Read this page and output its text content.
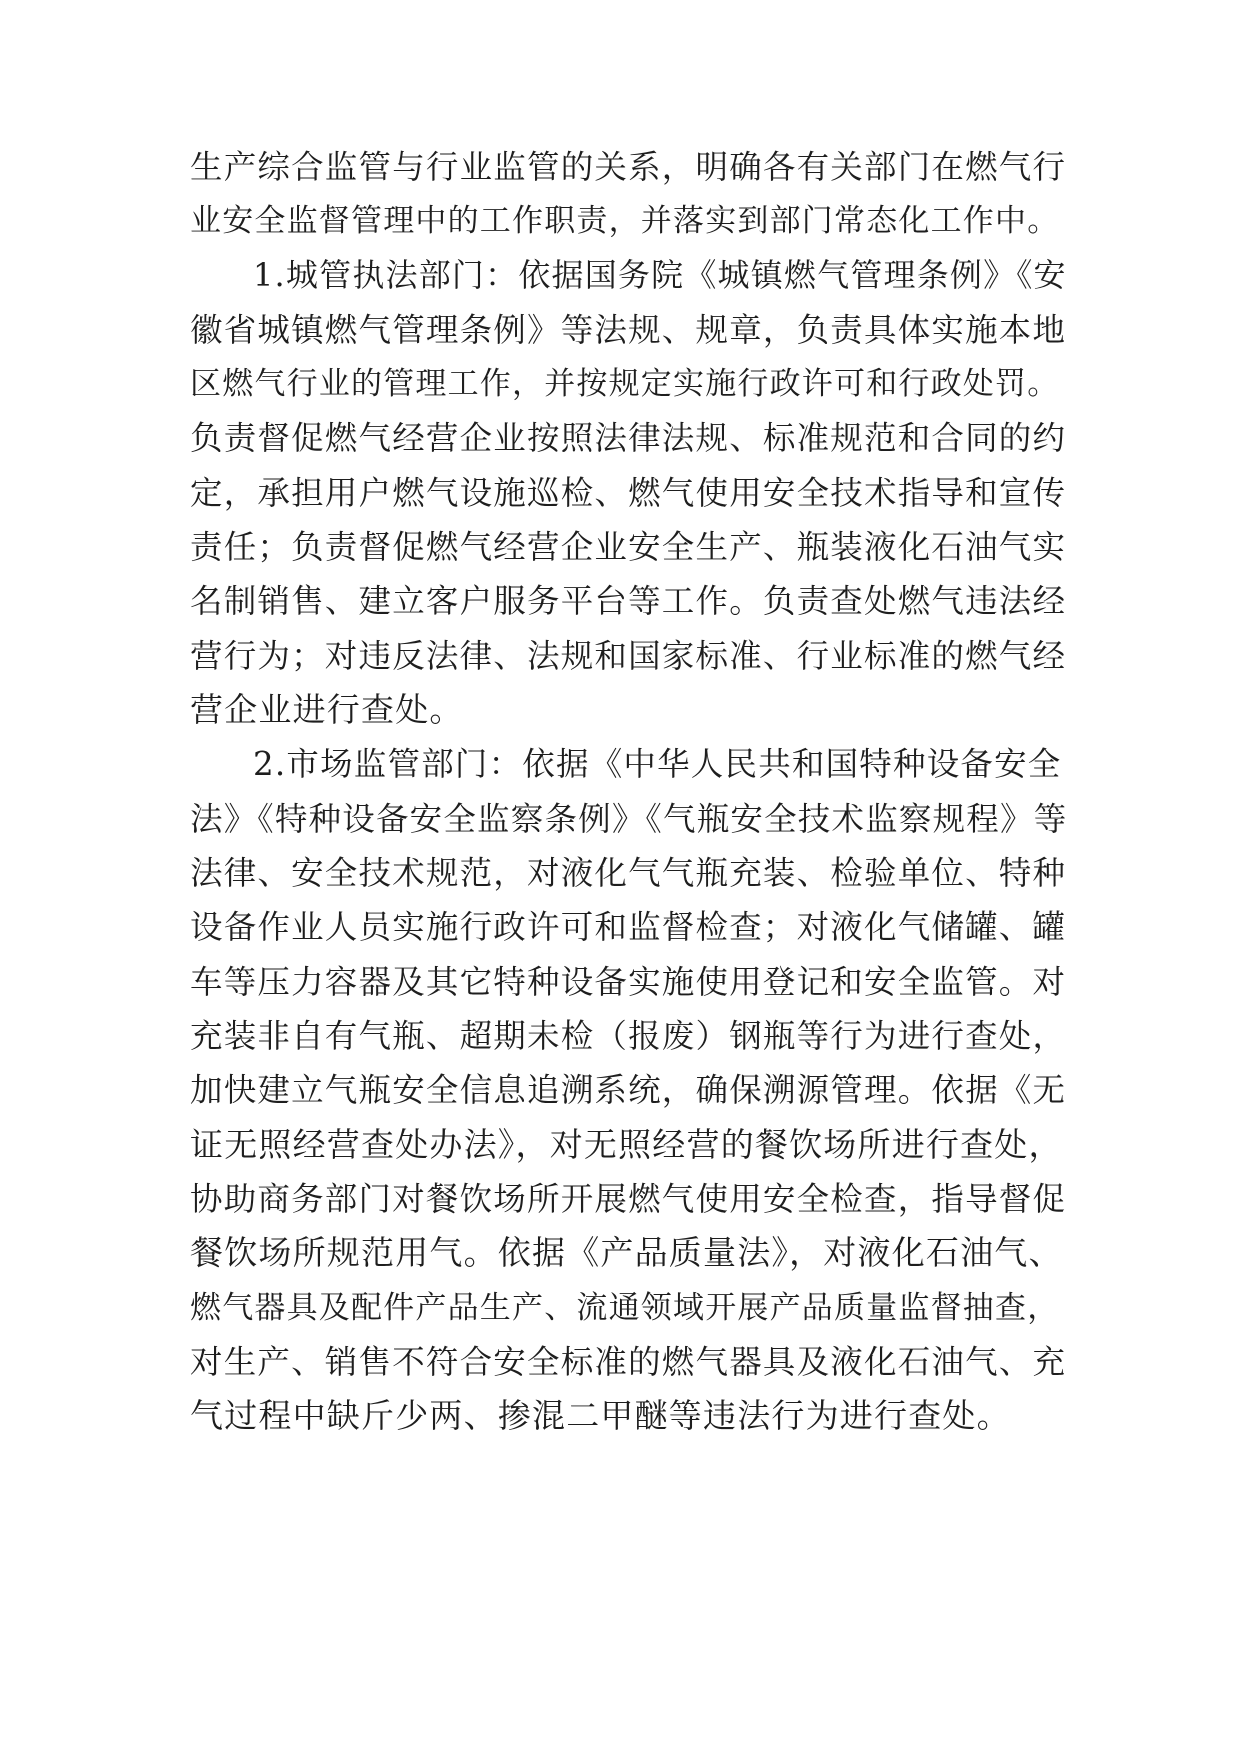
生产综合监管与行业监管的关系，明确各有关部门在燃气行
业安全监督管理中的工作职责，并落实到部门常态化工作中。
1.城管执法部门：依据国务院《城镇燃气管理条例》《安
徽省城镇燃气管理条例》等法规、规章，负责具体实施本地
区燃气行业的管理工作，并按规定实施行政许可和行政处罚。
负责督促燃气经营企业按照法律法规、标准规范和合同的约
定，承担用户燃气设施巡检、燃气使用安全技术指导和宣传
责任；负责督促燃气经营企业安全生产、瓶装液化石油气实
名制销售、建立客户服务平台等工作。负责查处燃气违法经
营行为；对违反法律、法规和国家标准、行业标准的燃气经
营企业进行查处。
2.市场监管部门：依据《中华人民共和国特种设备安全
法》《特种设备安全监察条例》《气瓶安全技术监察规程》等
法律、安全技术规范，对液化气气瓶充装、检验单位、特种
设备作业人员实施行政许可和监督检查；对液化气储罐、罐
车等压力容器及其它特种设备实施使用登记和安全监管。对
充装非自有气瓶、超期未检（报废）钢瓶等行为进行查处，
加快建立气瓶安全信息追溯系统，确保溯源管理。依据《无
证无照经营查处办法》，对无照经营的餐饮场所进行查处，
协助商务部门对餐饮场所开展燃气使用安全检查，指导督促
餐饮场所规范用气。依据《产品质量法》，对液化石油气、
燃气器具及配件产品生产、流通领域开展产品质量监督抽查，
对生产、销售不符合安全标准的燃气器具及液化石油气、充
气过程中缺斤少两、掺混二甲醚等违法行为进行查处。
